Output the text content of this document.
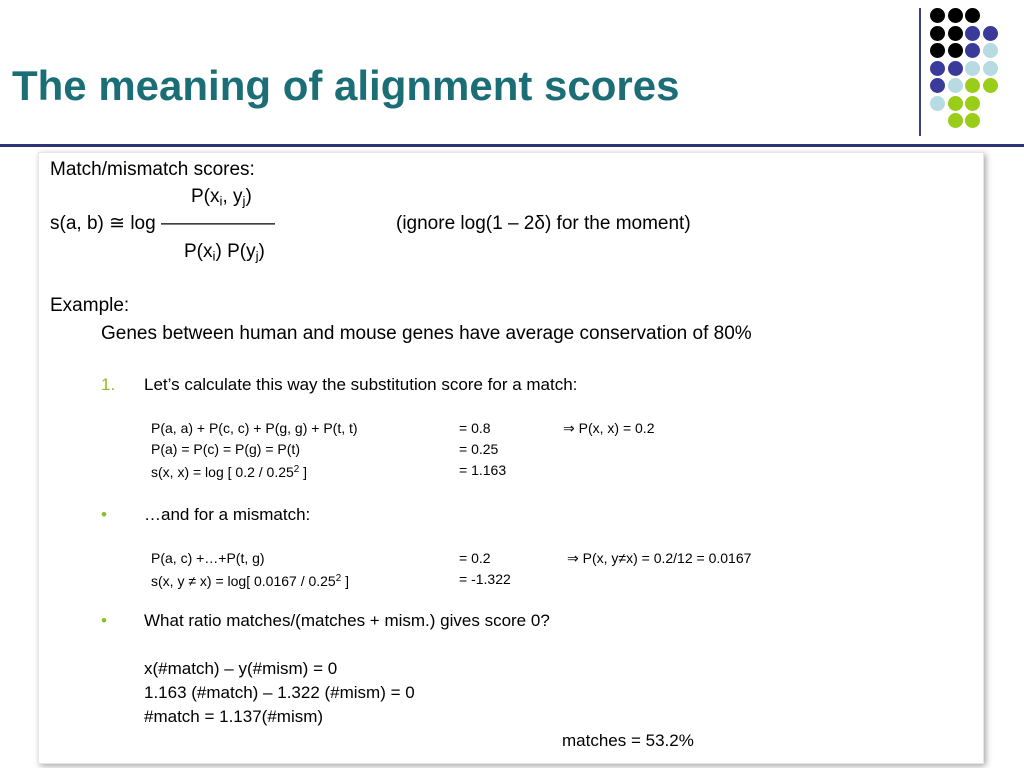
The meaning of alignment scores
Match/mismatch scores:
$P(x_i$, $y_j$)
s(a, b) ≅ log ——————	(ignore log(1 – 2δ) for the moment)
$P(x_i)$ $P(y_j)$
Example:
Genes between human and mouse genes have average conservation of 80%
1. Let’s calculate this way the substitution score for a match:
P(a, a) + P(c, c) + P(g, g) + P(t, t)	= 0.8	⇒ P(x, x) = 0.2
P(a) = P(c) = P(g) = P(t)	= 0.25
s(x, x) = log [ 0.2 / 0.25$^2$ ]	= 1.163
• …and for a mismatch:
P(a, c) +…+P(t, g)	= 0.2	⇒ P(x, y≠x) = 0.2/12 = 0.0167
s(x, y ≠ x) = log[ 0.0167 / 0.25$^2$ ]	= -1.322
• What ratio matches/(matches + mism.) gives score 0?
x(#match) – y(#mism) = 0
1.163 (#match) – 1.322 (#mism) = 0
#match = 1.137(#mism)
matches = 53.2%
